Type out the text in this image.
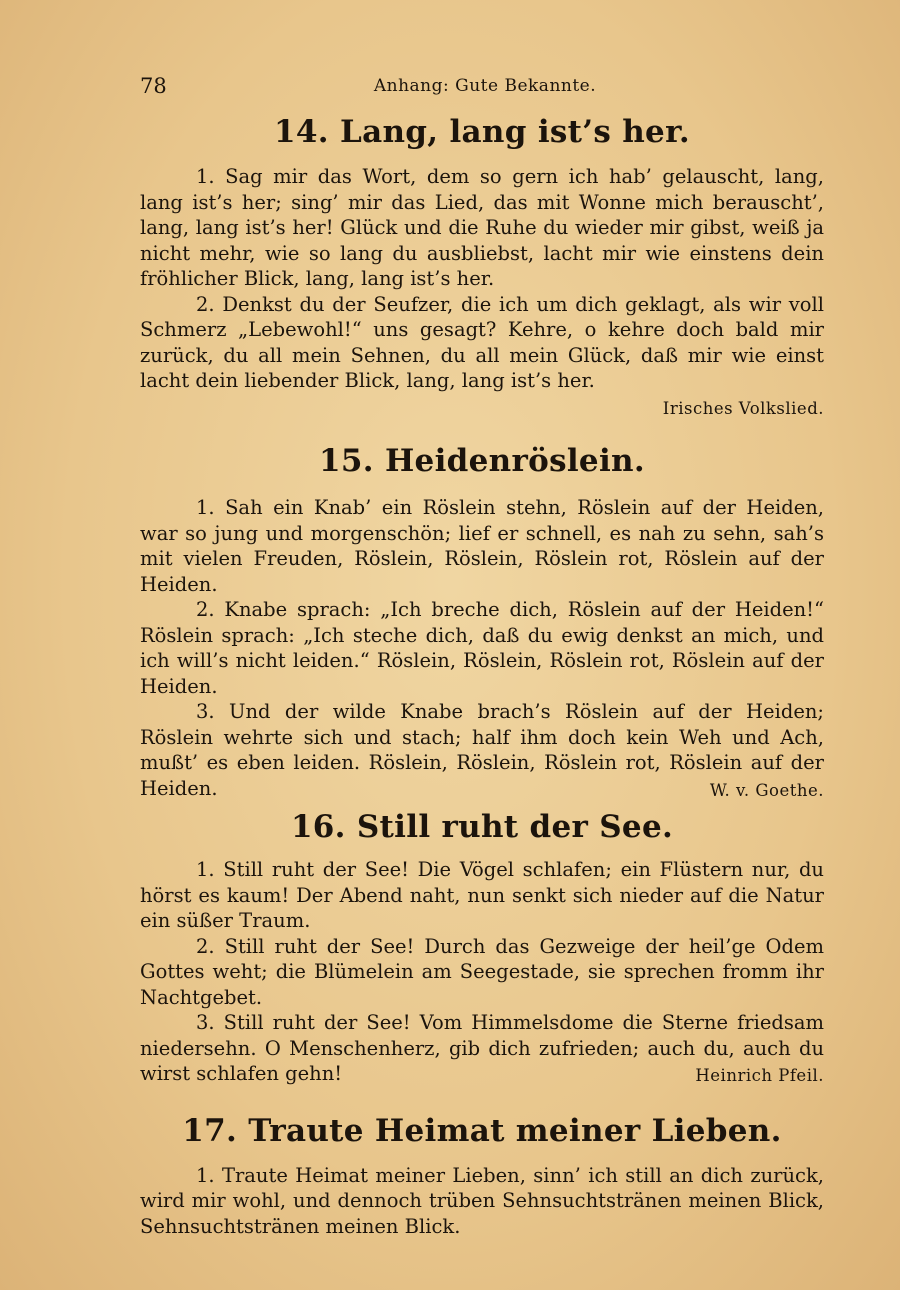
78	Anhang: Gute Bekannte.
14. Lang, lang ist’s her.

1. Sag mir das Wort, dem so gern ich hab’ gelauscht, lang, lang ist’s her; sing’ mir das Lied, das mit Wonne mich berauscht’, lang, lang ist’s her! Glück und die Ruhe du wieder mir gibst, weiß ja nicht mehr, wie so lang du ausbliebst, lacht mir wie einstens dein fröhlicher Blick, lang, lang ist’s her.

2. Denkst du der Seufzer, die ich um dich geklagt, als wir voll Schmerz „Lebewohl!“ uns gesagt? Kehre, o kehre doch bald mir zurück, du all mein Sehnen, du all mein Glück, daß mir wie einst lacht dein liebender Blick, lang, lang ist’s her.
Irisches Volkslied.

15. Heidenröslein.

1. Sah ein Knab’ ein Röslein stehn, Röslein auf der Heiden, war so jung und morgenschön; lief er schnell, es nah zu sehn, sah’s mit vielen Freuden, Röslein, Röslein, Röslein rot, Röslein auf der Heiden.

2. Knabe sprach: „Ich breche dich, Röslein auf der Heiden!“ Röslein sprach: „Ich steche dich, daß du ewig denkst an mich, und ich will’s nicht leiden.“ Röslein, Röslein, Röslein rot, Röslein auf der Heiden.

3. Und der wilde Knabe brach’s Röslein auf der Heiden; Röslein wehrte sich und stach; half ihm doch kein Weh und Ach, mußt’ es eben leiden. Röslein, Röslein, Röslein rot, Röslein auf der Heiden.	W. v. Goethe.

16. Still ruht der See.

1. Still ruht der See! Die Vögel schlafen; ein Flüstern nur, du hörst es kaum! Der Abend naht, nun senkt sich nieder auf die Natur ein süßer Traum.

2. Still ruht der See! Durch das Gezweige der heil’ge Odem Gottes weht; die Blümelein am Seegestade, sie sprechen fromm ihr Nachtgebet.

3. Still ruht der See! Vom Himmelsdome die Sterne friedsam niedersehn. O Menschenherz, gib dich zufrieden; auch du, auch du wirst schlafen gehn!	Heinrich Pfeil.

17. Traute Heimat meiner Lieben.

1. Traute Heimat meiner Lieben, sinn’ ich still an dich zurück, wird mir wohl, und dennoch trüben Sehnsuchtstränen meinen Blick, Sehnsuchtstränen meinen Blick.
